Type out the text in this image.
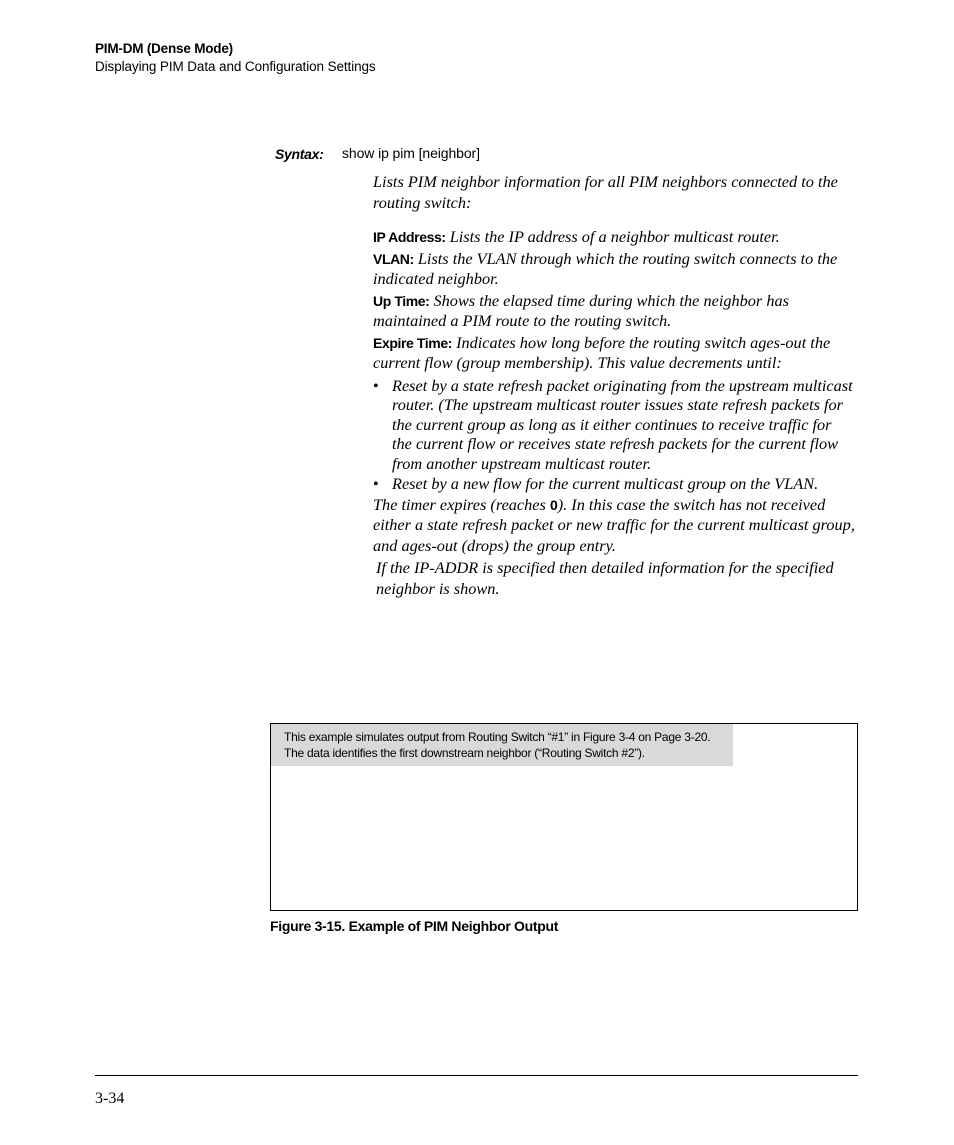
PIM-DM (Dense Mode)
Displaying PIM Data and Configuration Settings
Syntax: show ip pim [neighbor]

Lists PIM neighbor information for all PIM neighbors connected to the routing switch:

IP Address: Lists the IP address of a neighbor multicast router.

VLAN: Lists the VLAN through which the routing switch connects to the indicated neighbor.

Up Time: Shows the elapsed time during which the neighbor has maintained a PIM route to the routing switch.

Expire Time: Indicates how long before the routing switch ages-out the current flow (group membership). This value decrements until:

• Reset by a state refresh packet originating from the upstream multicast router. (The upstream multicast router issues state refresh packets for the current group as long as it either continues to receive traffic for the current flow or receives state refresh packets for the current flow from another upstream multicast router.
• Reset by a new flow for the current multicast group on the VLAN.

The timer expires (reaches 0). In this case the switch has not received either a state refresh packet or new traffic for the current multicast group, and ages-out (drops) the group entry.

If the IP-ADDR is specified then detailed information for the specified neighbor is shown.

This example simulates output from Routing Switch “#1” in Figure 3-4 on Page 3-20. The data identifies the first downstream neighbor (“Routing Switch #2”).
Figure 3-15. Example of PIM Neighbor Output
3-34
